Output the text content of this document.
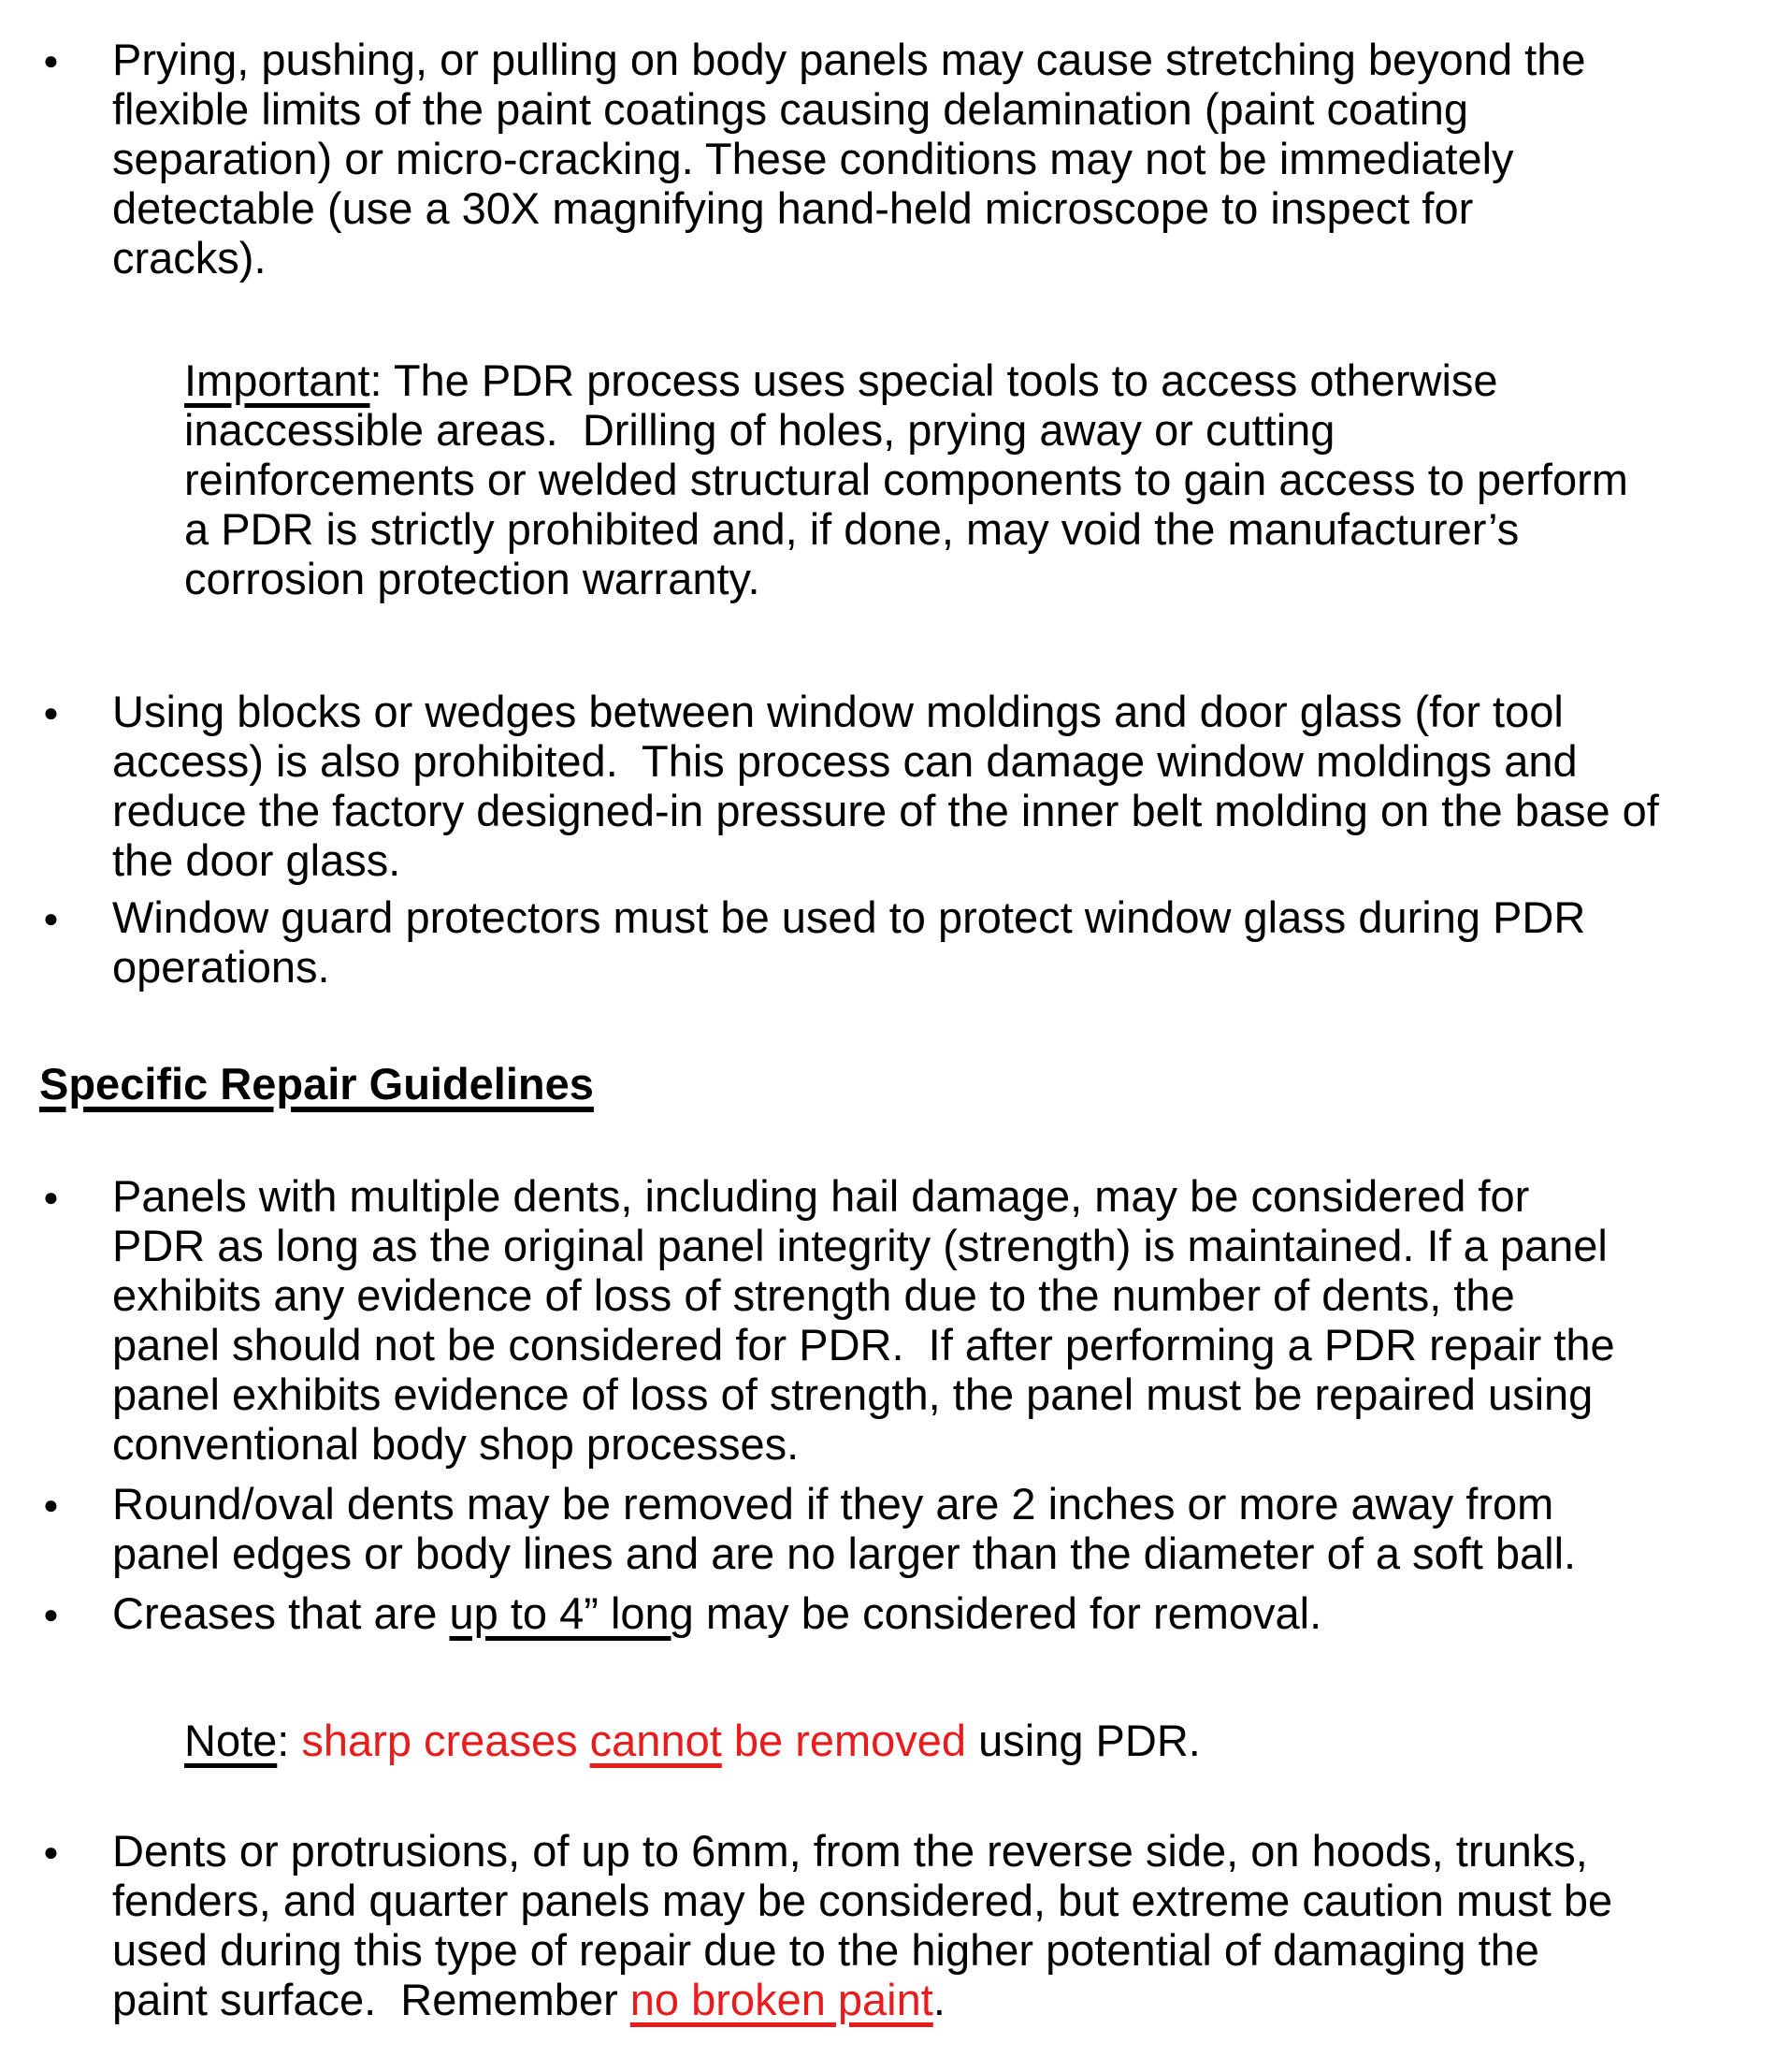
● Prying, pushing, or pulling on body panels may cause stretching beyond the
flexible limits of the paint coatings causing delamination (paint coating
separation) or micro-cracking. These conditions may not be immediately
detectable (use a 30X magnifying hand-held microscope to inspect for
cracks).
Important: The PDR process uses special tools to access otherwise
inaccessible areas.  Drilling of holes, prying away or cutting
reinforcements or welded structural components to gain access to perform
a PDR is strictly prohibited and, if done, may void the manufacturer’s
corrosion protection warranty.
● Using blocks or wedges between window moldings and door glass (for tool
access) is also prohibited.  This process can damage window moldings and
reduce the factory designed-in pressure of the inner belt molding on the base of
the door glass.
● Window guard protectors must be used to protect window glass during PDR
operations.
Specific Repair Guidelines
● Panels with multiple dents, including hail damage, may be considered for
PDR as long as the original panel integrity (strength) is maintained. If a panel
exhibits any evidence of loss of strength due to the number of dents, the
panel should not be considered for PDR.  If after performing a PDR repair the
panel exhibits evidence of loss of strength, the panel must be repaired using
conventional body shop processes.
● Round/oval dents may be removed if they are 2 inches or more away from
panel edges or body lines and are no larger than the diameter of a soft ball.
● Creases that are up to 4” long may be considered for removal.
Note: sharp creases cannot be removed using PDR.
● Dents or protrusions, of up to 6mm, from the reverse side, on hoods, trunks,
fenders, and quarter panels may be considered, but extreme caution must be
used during this type of repair due to the higher potential of damaging the
paint surface.  Remember no broken paint.
